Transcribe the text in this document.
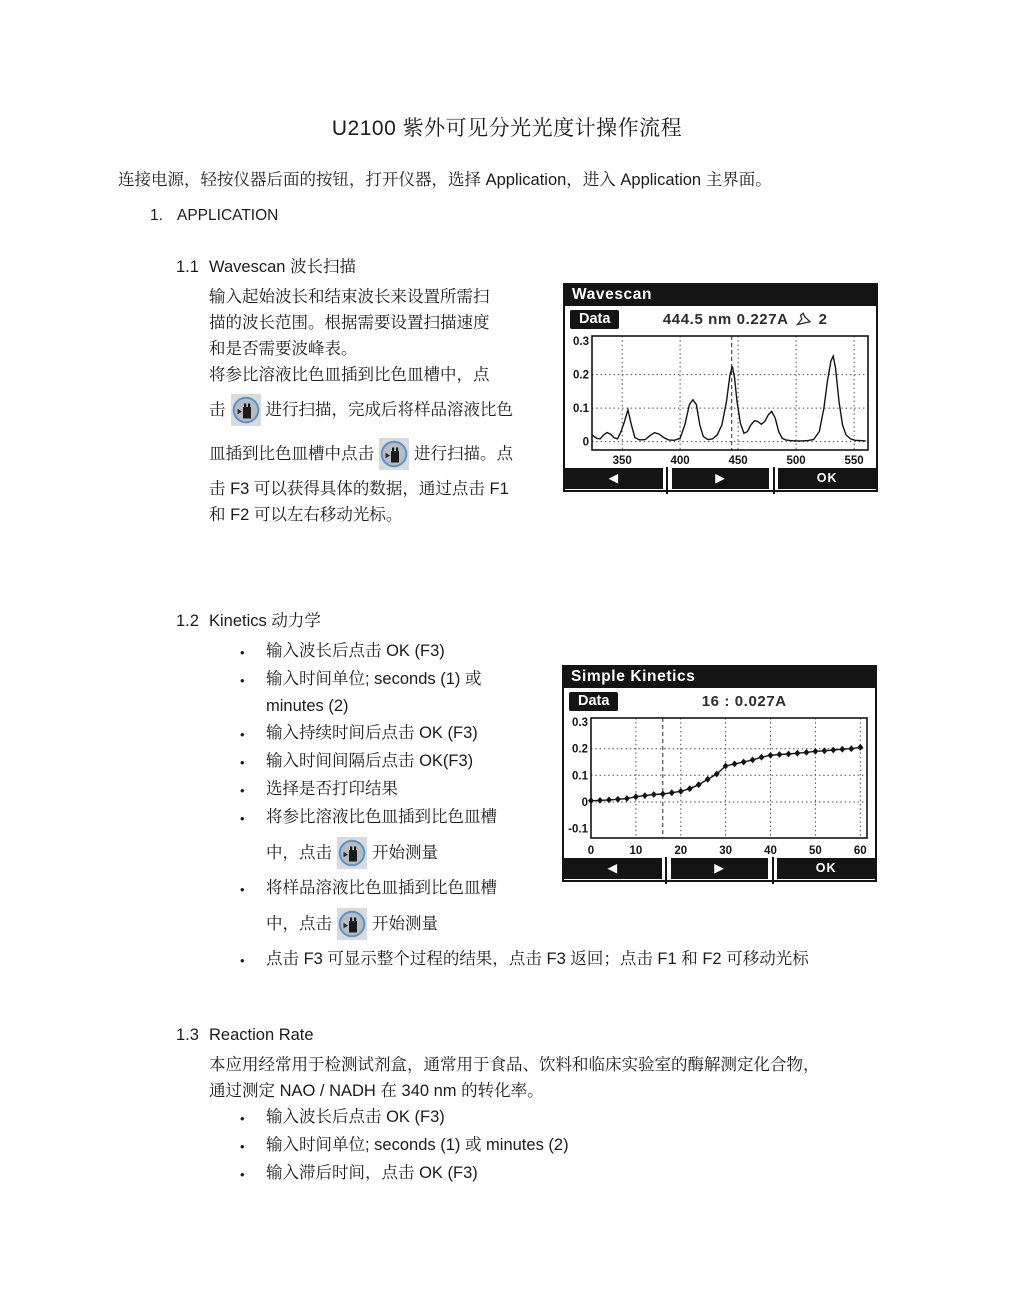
U2100 紫外可见分光光度计操作流程

连接电源，轻按仪器后面的按钮，打开仪器，选择 Application，进入 Application 主界面。

1. APPLICATION
1.1 Wavescan 波长扫描
输入起始波长和结束波长来设置所需扫
描的波长范围。根据需要设置扫描速度
和是否需要波峰表。
将参比溶液比色皿插到比色皿槽中，点
击 进行扫描，完成后将样品溶液比色
皿插到比色皿槽中点击 进行扫描。点
击 F3 可以获得具体的数据，通过点击 F1
和 F2 可以左右移动光标。
1.2 Kinetics 动力学
•	输入波长后点击 OK (F3)
•	输入时间单位; seconds (1) 或
minutes (2)
•	输入持续时间后点击 OK (F3)
•	输入时间间隔后点击 OK(F3)
•	选择是否打印结果
•	将参比溶液比色皿插到比色皿槽
中，点击 开始测量
•	将样品溶液比色皿插到比色皿槽
中，点击 开始测量
•	点击 F3 可显示整个过程的结果，点击 F3 返回；点击 F1 和 F2 可移动光标
1.3 Reaction Rate
本应用经常用于检测试剂盒，通常用于食品、饮料和临床实验室的酶解测定化合物，
通过测定 NAO / NADH 在 340 nm 的转化率。
•	输入波长后点击 OK (F3)
•	输入时间单位; seconds (1) 或 minutes (2)
•	输入滞后时间，点击 OK (F3)
Wavescan
Data	444.5 nm 0.227A 2
350	400	450	500	550
0
0.1
0.2
0.3
◀	▶	OK
Simple Kinetics
Data	16 : 0.027A
0	10	20	30	40	50	60
-0.1
0
0.1
0.2
0.3
◀	▶	OK
